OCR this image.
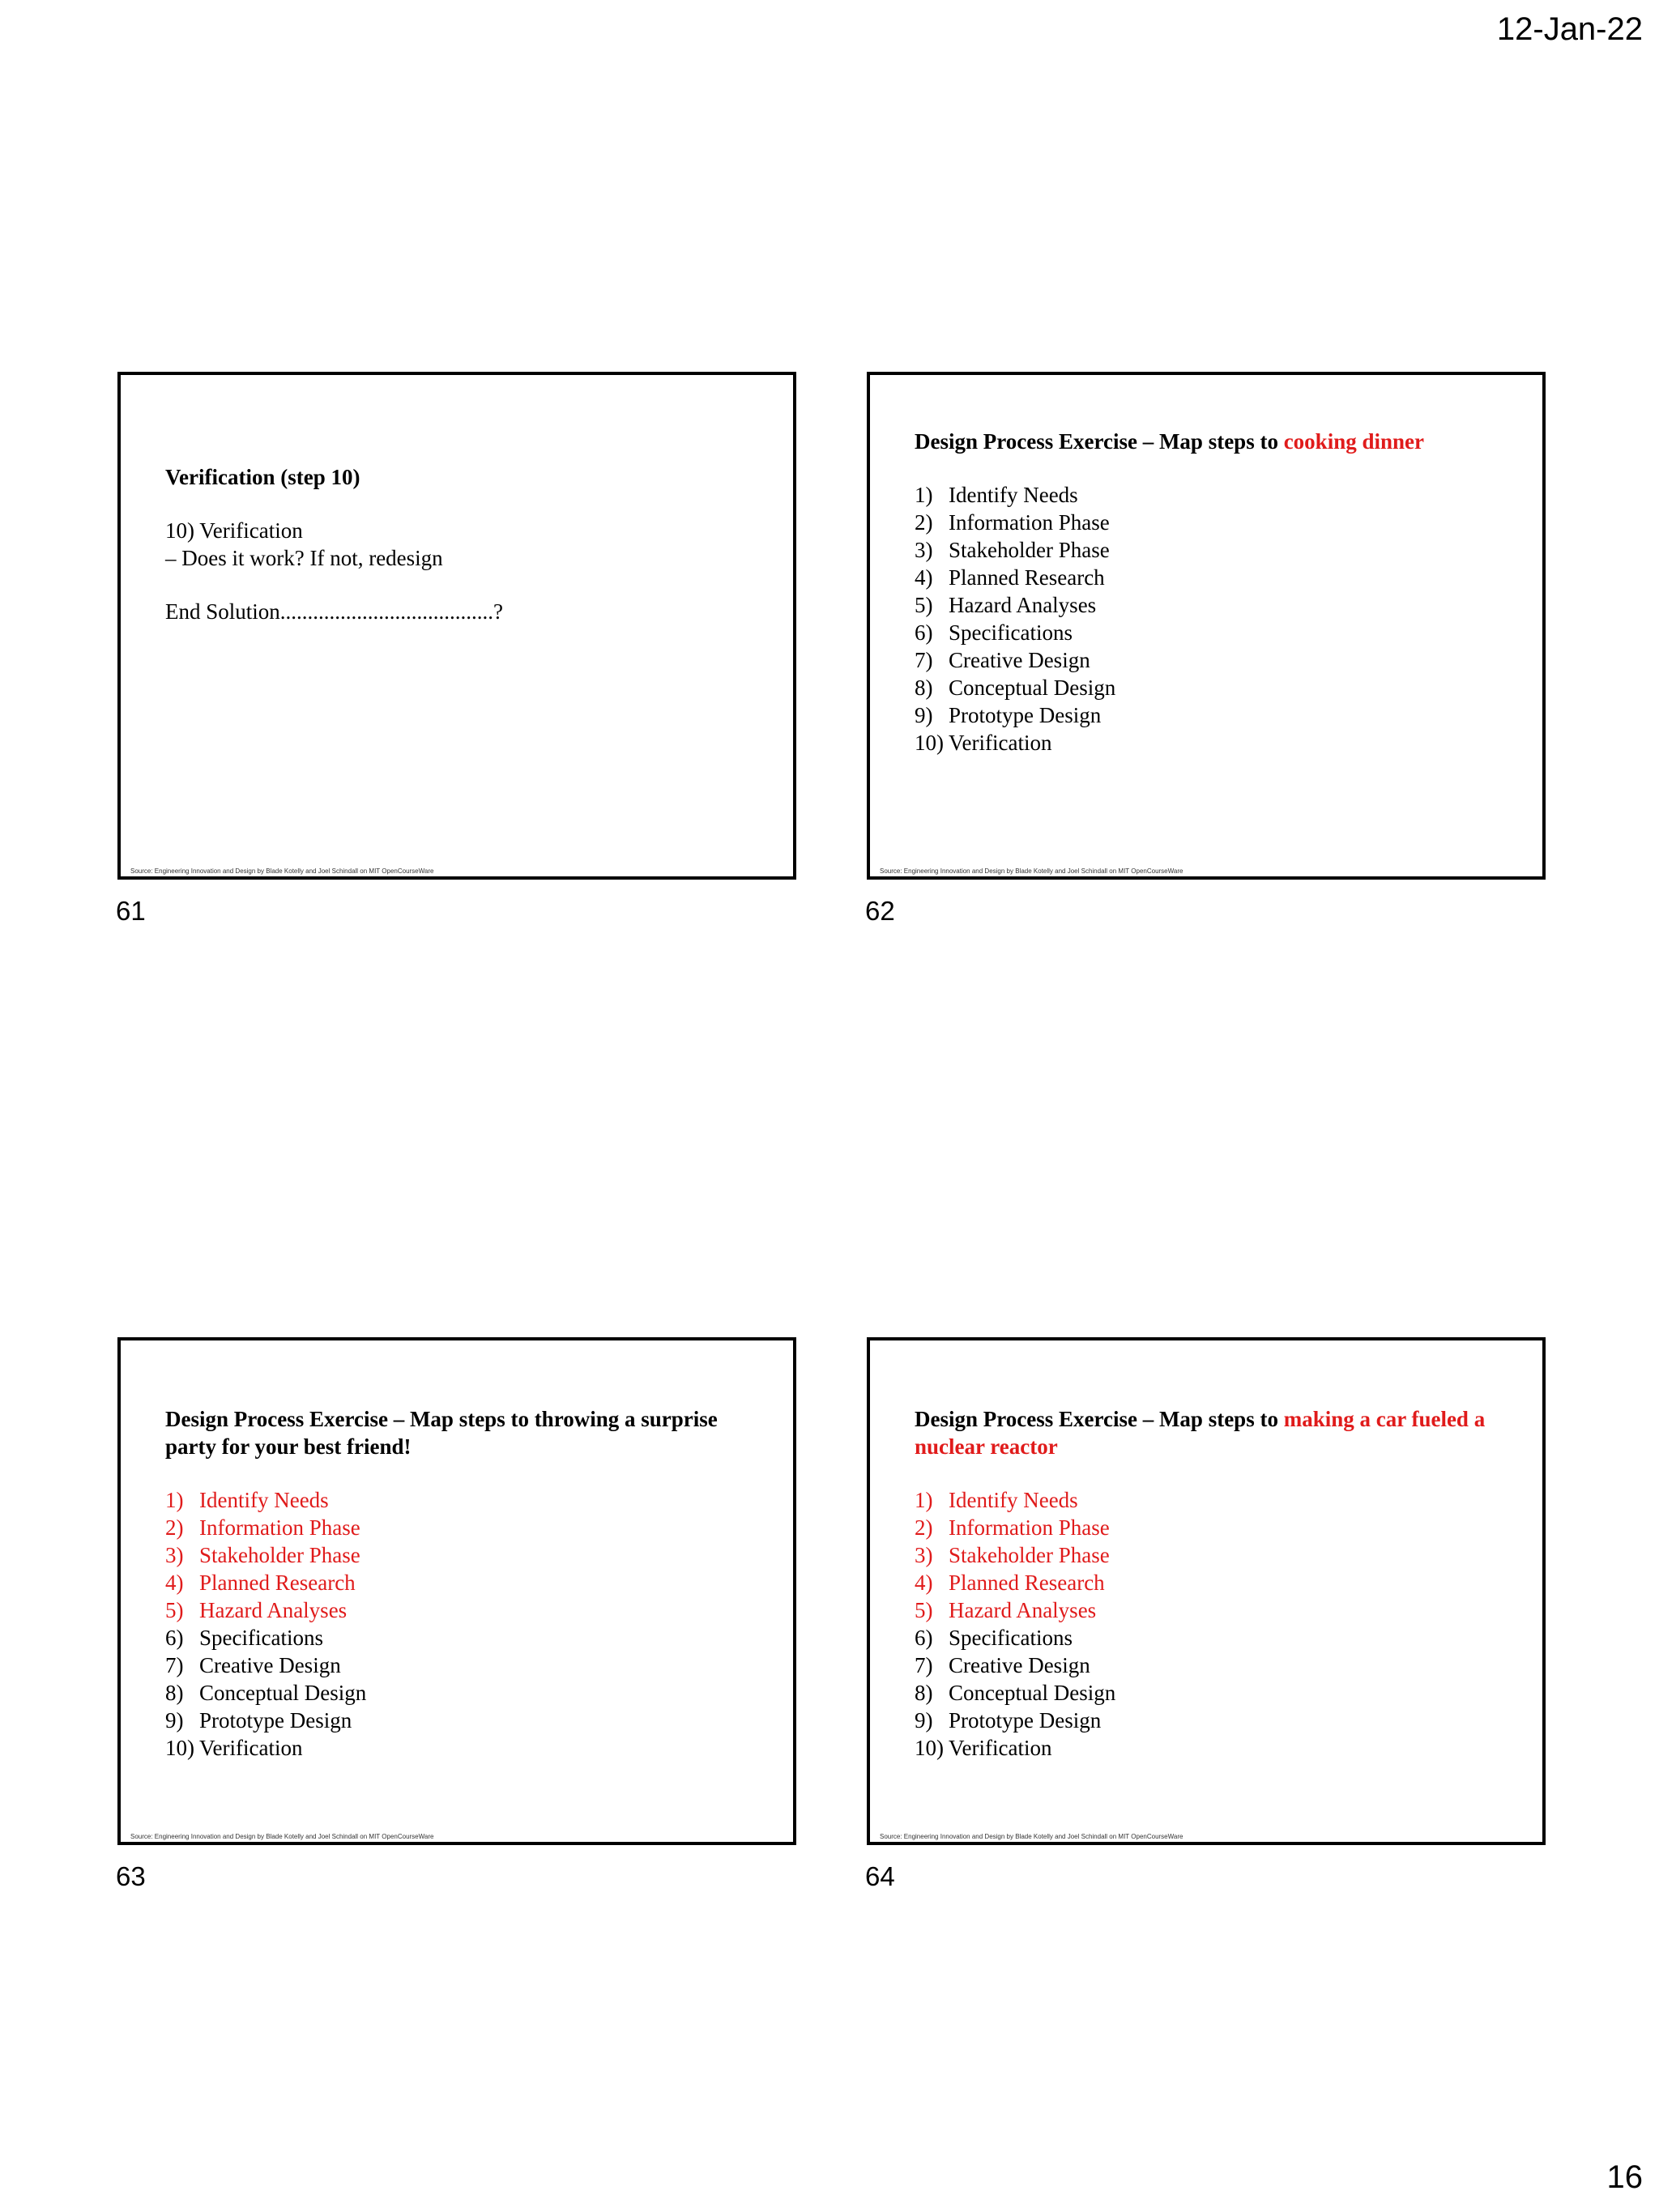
12-Jan-22

Verification (step 10)

10) Verification

– Does it work? If not, redesign

End Solution.......................................?

Source: Engineering Innovation and Design by Blade Kotelly and Joel Schindall on MIT OpenCourseWare
61

Design Process Exercise – Map steps to cooking dinner

1) Identify Needs
2) Information Phase
3) Stakeholder Phase
4) Planned Research
5) Hazard Analyses
6) Specifications
7) Creative Design
8) Conceptual Design
9) Prototype Design
10) Verification
Source: Engineering Innovation and Design by Blade Kotelly and Joel Schindall on MIT OpenCourseWare
62

Design Process Exercise – Map steps to throwing a surprise party for your best friend!

1) Identify Needs
2) Information Phase
3) Stakeholder Phase
4) Planned Research
5) Hazard Analyses
6) Specifications
7) Creative Design
8) Conceptual Design
9) Prototype Design
10) Verification
Source: Engineering Innovation and Design by Blade Kotelly and Joel Schindall on MIT OpenCourseWare
63

Design Process Exercise – Map steps to making a car fueled a nuclear reactor

1) Identify Needs
2) Information Phase
3) Stakeholder Phase
4) Planned Research
5) Hazard Analyses
6) Specifications
7) Creative Design
8) Conceptual Design
9) Prototype Design
10) Verification
Source: Engineering Innovation and Design by Blade Kotelly and Joel Schindall on MIT OpenCourseWare
64
16
